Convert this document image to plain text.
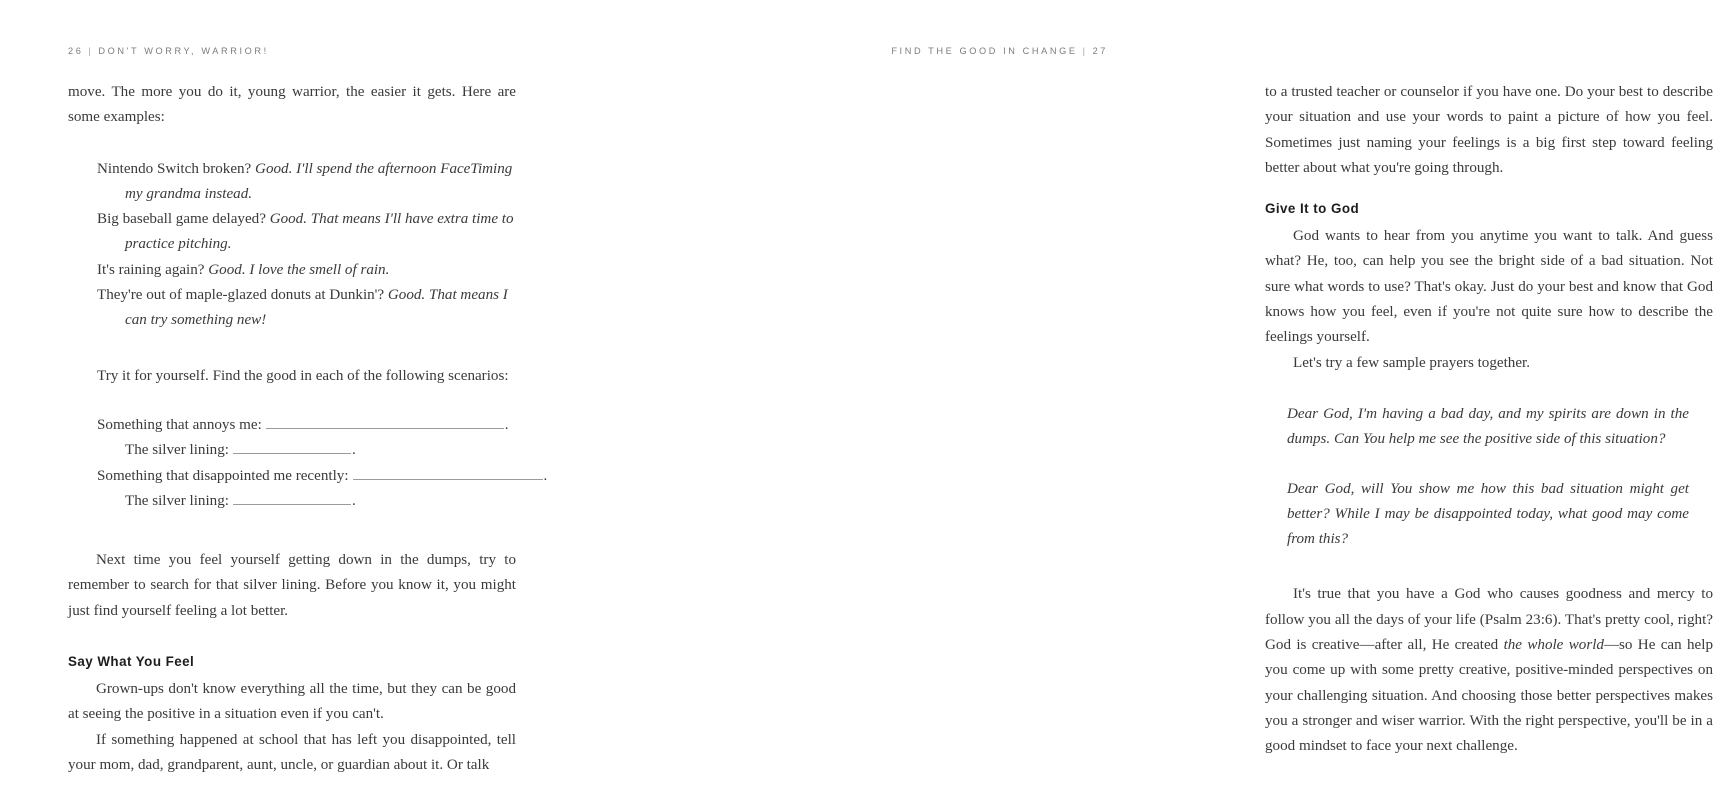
26 | DON'T WORRY, WARRIOR!

move. The more you do it, young warrior, the easier it gets. Here are some examples:

Nintendo Switch broken? Good. I'll spend the afternoon FaceTiming my grandma instead.
Big baseball game delayed? Good. That means I'll have extra time to practice pitching.
It's raining again? Good. I love the smell of rain.
They're out of maple-glazed donuts at Dunkin'? Good. That means I can try something new!

Try it for yourself. Find the good in each of the following scenarios:

Something that annoys me:	.
The silver lining:	.
Something that disappointed me recently:	.
The silver lining:	.

Next time you feel yourself getting down in the dumps, try to remember to search for that silver lining. Before you know it, you might just find yourself feeling a lot better.

Say What You Feel

Grown-ups don't know everything all the time, but they can be good at seeing the positive in a situation even if you can't.

If something happened at school that has left you disappointed, tell your mom, dad, grandparent, aunt, uncle, or guardian about it. Or talk

FIND THE GOOD IN CHANGE | 27

to a trusted teacher or counselor if you have one. Do your best to describe your situation and use your words to paint a picture of how you feel. Sometimes just naming your feelings is a big first step toward feeling better about what you're going through.

Give It to God

God wants to hear from you anytime you want to talk. And guess what? He, too, can help you see the bright side of a bad situation. Not sure what words to use? That's okay. Just do your best and know that God knows how you feel, even if you're not quite sure how to describe the feelings yourself.

Let's try a few sample prayers together.

Dear God, I'm having a bad day, and my spirits are down in the dumps. Can You help me see the positive side of this situation?

Dear God, will You show me how this bad situation might get better? While I may be disappointed today, what good may come from this?

It's true that you have a God who causes goodness and mercy to follow you all the days of your life (Psalm 23:6). That's pretty cool, right? God is creative—after all, He created the whole world—so He can help you come up with some pretty creative, positive-minded perspectives on your challenging situation. And choosing those better perspectives makes you a stronger and wiser warrior. With the right perspective, you'll be in a good mindset to face your next challenge.
